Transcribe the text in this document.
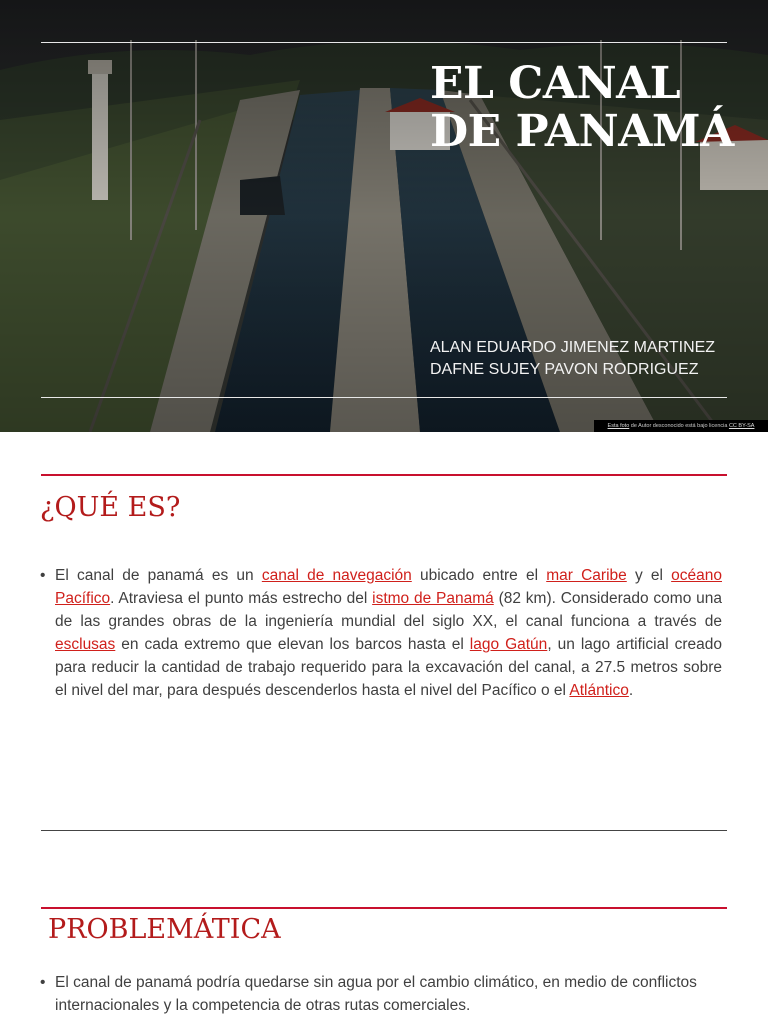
EL CANAL
DE PANAMÁ
ALAN EDUARDO JIMENEZ MARTINEZ
DAFNE SUJEY PAVON RODRIGUEZ
Esta foto de Autor desconocido está bajo licencia CC BY-SA
¿QUÉ ES?
• El canal de panamá es un canal de navegación ubicado entre el mar Caribe y el océano Pacífico. Atraviesa el punto más estrecho del istmo de Panamá (82 km). Considerado como una de las grandes obras de la ingeniería mundial del siglo XX, el canal funciona a través de esclusas en cada extremo que elevan los barcos hasta el lago Gatún, un lago artificial creado para reducir la cantidad de trabajo requerido para la excavación del canal, a 27.5 metros sobre el nivel del mar, para después descenderlos hasta el nivel del Pacífico o el Atlántico.
PROBLEMÁTICA
• El canal de panamá podría quedarse sin agua por el cambio climático, en medio de conflictos internacionales y la competencia de otras rutas comerciales.
